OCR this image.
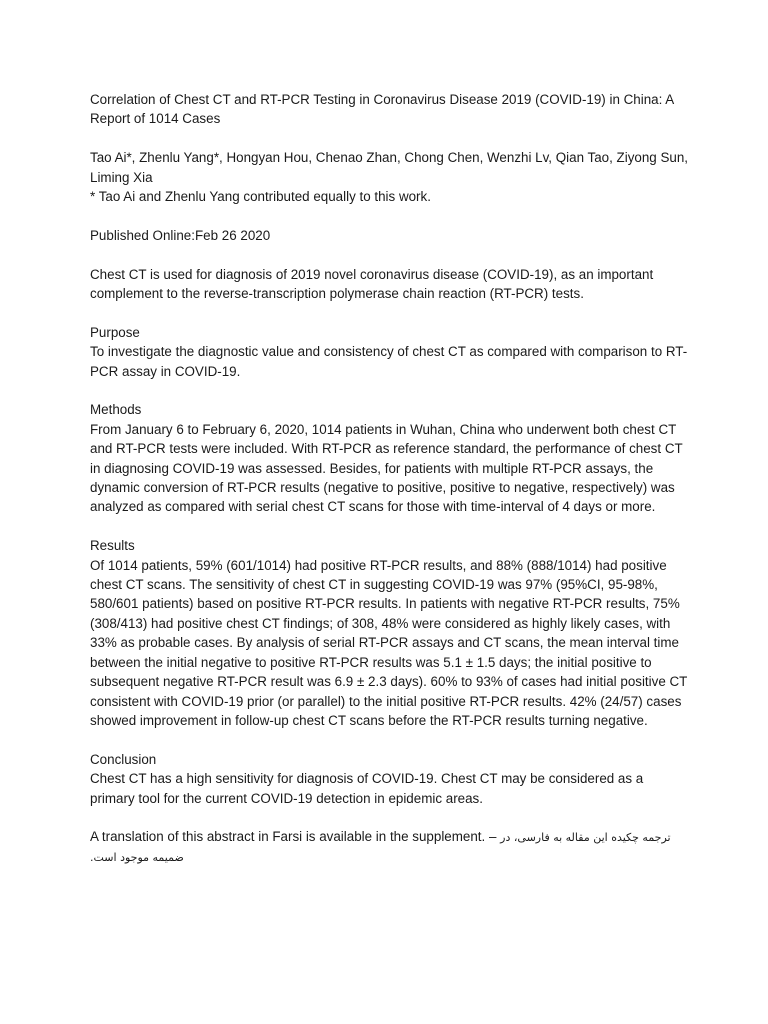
Correlation of Chest CT and RT-PCR Testing in Coronavirus Disease 2019 (COVID-19) in China: A Report of 1014 Cases
Tao Ai*, Zhenlu Yang*, Hongyan Hou, Chenao Zhan, Chong Chen, Wenzhi Lv, Qian Tao, Ziyong Sun, Liming Xia
* Tao Ai and Zhenlu Yang contributed equally to this work.
Published Online:Feb 26 2020
Chest CT is used for diagnosis of 2019 novel coronavirus disease (COVID-19), as an important complement to the reverse-transcription polymerase chain reaction (RT-PCR) tests.
Purpose
To investigate the diagnostic value and consistency of chest CT as compared with comparison to RT-PCR assay in COVID-19.
Methods
From January 6 to February 6, 2020, 1014 patients in Wuhan, China who underwent both chest CT and RT-PCR tests were included. With RT-PCR as reference standard, the performance of chest CT in diagnosing COVID-19 was assessed. Besides, for patients with multiple RT-PCR assays, the dynamic conversion of RT-PCR results (negative to positive, positive to negative, respectively) was analyzed as compared with serial chest CT scans for those with time-interval of 4 days or more.
Results
Of 1014 patients, 59% (601/1014) had positive RT-PCR results, and 88% (888/1014) had positive chest CT scans. The sensitivity of chest CT in suggesting COVID-19 was 97% (95%CI, 95-98%, 580/601 patients) based on positive RT-PCR results. In patients with negative RT-PCR results, 75% (308/413) had positive chest CT findings; of 308, 48% were considered as highly likely cases, with 33% as probable cases. By analysis of serial RT-PCR assays and CT scans, the mean interval time between the initial negative to positive RT-PCR results was 5.1 ± 1.5 days; the initial positive to subsequent negative RT-PCR result was 6.9 ± 2.3 days). 60% to 93% of cases had initial positive CT consistent with COVID-19 prior (or parallel) to the initial positive RT-PCR results. 42% (24/57) cases showed improvement in follow-up chest CT scans before the RT-PCR results turning negative.
Conclusion
Chest CT has a high sensitivity for diagnosis of COVID-19. Chest CT may be considered as a primary tool for the current COVID-19 detection in epidemic areas.
A translation of this abstract in Farsi is available in the supplement. – ترجمه چکیده این مقاله به فارسی، در
ضمیمه موجود است.
